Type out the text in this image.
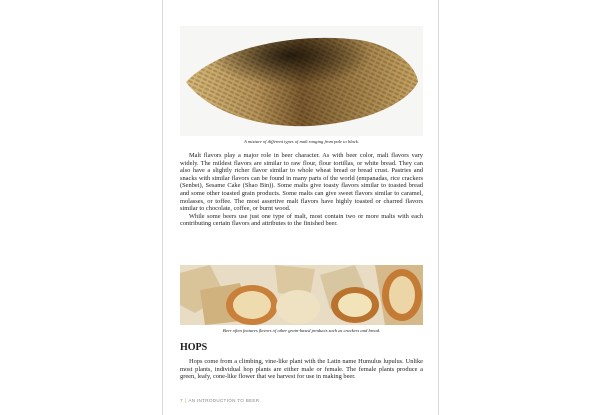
A mixture of different types of malt ranging from pale to black.

Malt flavors play a major role in beer character. As with beer color, malt flavors vary widely. The mildest flavors are similar to raw flour, flour tortillas, or white bread. They can also have a slightly richer flavor similar to whole wheat bread or bread crust. Pastries and snacks with similar flavors can be found in many parts of the world (empanadas, rice crackers (Senbei), Sesame Cake (Shao Bin)). Some malts give toasty flavors similar to toasted bread and some other toasted grain products. Some malts can give sweet flavors similar to caramel, molasses, or toffee. The most assertive malt flavors have highly toasted or charred flavors similar to chocolate, coffee, or burnt wood.

While some beers use just one type of malt, most contain two or more malts with each contributing certain flavors and attributes to the finished beer.

Beer often features flavors of other grain-based products such as crackers and bread.
HOPS

Hops come from a climbing, vine-like plant with the Latin name Humulus lupulus. Unlike most plants, individual hop plants are either male or female. The female plants produce a green, leafy, cone-like flower that we harvest for use in making beer.

7 | AN INTRODUCTION TO BEER
